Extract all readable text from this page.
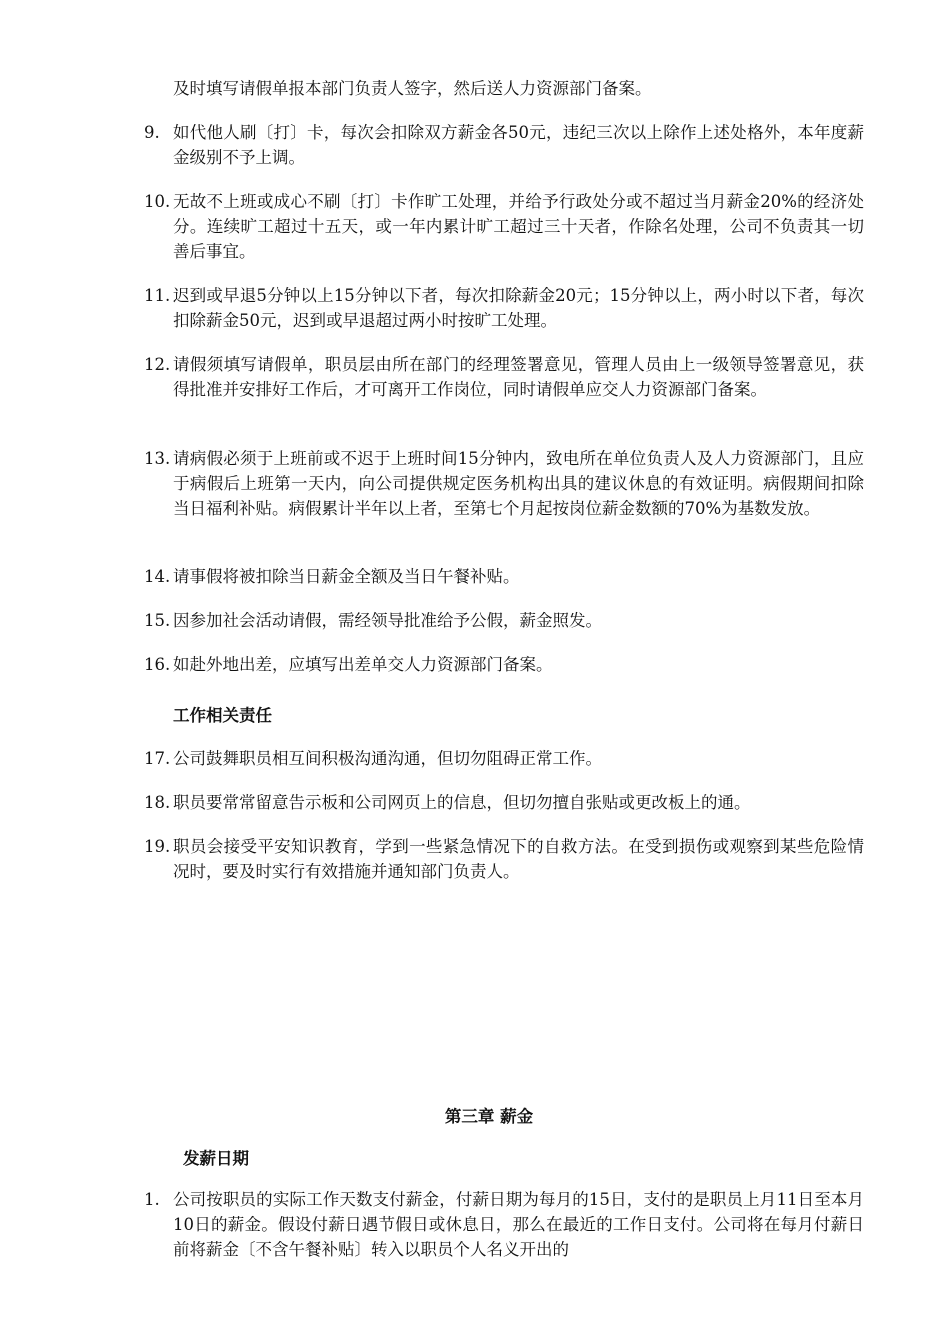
及时填写请假单报本部门负责人签字，然后送人力资源部门备案。
9. 如代他人刷〔打〕卡，每次会扣除双方薪金各50元，违纪三次以上除作上述处格外，本年度薪金级别不予上调。
10. 无故不上班或成心不刷〔打〕卡作旷工处理，并给予行政处分或不超过当月薪金20%的经济处分。连续旷工超过十五天，或一年内累计旷工超过三十天者，作除名处理，公司不负责其一切善后事宜。
11. 迟到或早退5分钟以上15分钟以下者，每次扣除薪金20元；15分钟以上，两小时以下者，每次扣除薪金50元，迟到或早退超过两小时按旷工处理。
12. 请假须填写请假单，职员层由所在部门的经理签署意见，管理人员由上一级领导签署意见，获得批准并安排好工作后，才可离开工作岗位，同时请假单应交人力资源部门备案。
13. 请病假必须于上班前或不迟于上班时间15分钟内，致电所在单位负责人及人力资源部门，且应于病假后上班第一天内，向公司提供规定医务机构出具的建议休息的有效证明。病假期间扣除当日福利补贴。病假累计半年以上者，至第七个月起按岗位薪金数额的70%为基数发放。
14. 请事假将被扣除当日薪金全额及当日午餐补贴。
15. 因参加社会活动请假，需经领导批准给予公假，薪金照发。
16. 如赴外地出差，应填写出差单交人力资源部门备案。
工作相关责任
17. 公司鼓舞职员相互间积极沟通沟通，但切勿阻碍正常工作。
18. 职员要常常留意告示板和公司网页上的信息，但切勿擅自张贴或更改板上的通。
19. 职员会接受平安知识教育，学到一些紧急情况下的自救方法。在受到损伤或观察到某些危险情况时，要及时实行有效措施并通知部门负责人。
第三章 薪金
发薪日期
1. 公司按职员的实际工作天数支付薪金，付薪日期为每月的15日，支付的是职员上月11日至本月10日的薪金。假设付薪日遇节假日或休息日，那么在最近的工作日支付。公司将在每月付薪日前将薪金〔不含午餐补贴〕转入以职员个人名义开出的
